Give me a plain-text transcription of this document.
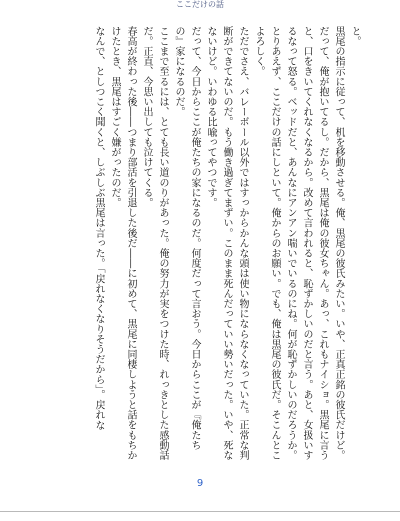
ここだけの話

と。

黒尾の指示に従って、机を移動させる。俺、黒尾の彼氏みたい。いや、正真正銘の彼氏だけど。だって、俺が抱いてるし。だから、黒尾は俺の彼女ちゃん。あっ、これもナイショ。黒尾に言うと、口をきいてくれなくなるから。改めて言われると、恥ずかしいのだと言う。あと、女扱いするなって怒る。ベッドだと、あんなにアンアン喘いでいるのにね。何が恥ずかしいのだろうか。とりあえず、ここだけの話にしといて。俺からのお願い。でも、俺は黒尾の彼氏だ。そこんとこよろしく。

ただでさえ、バレーボール以外ではすっからかんな頭は使い物にならなくなっていた。正常な判断ができてないのだ。もう働き過ぎてまずい。このまま死んだっていい勢いだった。いや、死なないけど。いわゆる比喩ってやつです。

だって、今日からここが俺たちの家になるのだ。何度だって言おう。今日からここが『俺たちの』家になるのだ。

ここまで至るには、とても長い道のりがあった。俺の努力が実をつけた時、れっきとした感動話だ。正直、今思い出しても泣けてくる。

春高が終わった後――つまり部活を引退した後だ――に初めて、黒尾に同棲しようと話をもちかけたとき、黒尾はすごく嫌がったのだ。

なんで、としつこく聞くと、しぶしぶ黒尾は言った。「戻れなくなりそうだから」。戻れな

9
